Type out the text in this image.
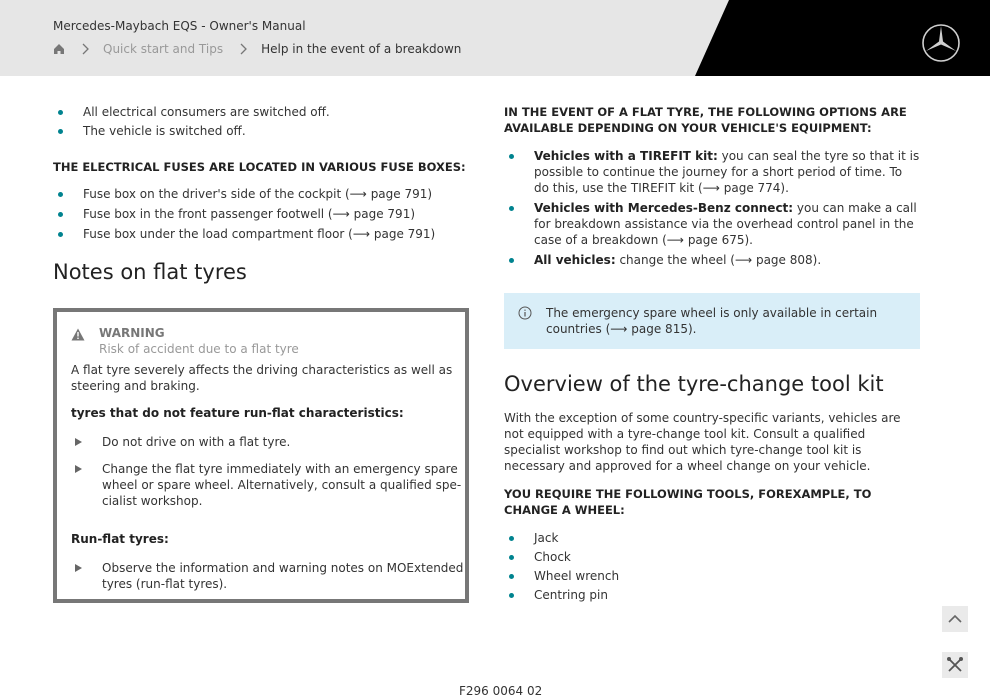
Mercedes-Maybach EQS - Owner's Manual
Quick start and Tips	Help in the event of a breakdown
All electrical consumers are switched off.
The vehicle is switched off.
THE ELECTRICAL FUSES ARE LOCATED IN VARIOUS FUSE BOXES:
Fuse box on the driver's side of the cockpit (⟶ page 791)
Fuse box in the front passenger footwell (⟶ page 791)
Fuse box under the load compartment floor (⟶ page 791)
Notes on flat tyres
WARNING
Risk of accident due to a flat tyre
A flat tyre severely affects the driving characteristics as well as steering and braking.
tyres that do not feature run-flat characteristics:
Do not drive on with a flat tyre.
Change the flat tyre immediately with an emergency spare wheel or spare wheel. Alternatively, consult a qualified specialist workshop.
Run-flat tyres:
Observe the information and warning notes on MOExtended tyres (run-flat tyres).
IN THE EVENT OF A FLAT TYRE, THE FOLLOWING OPTIONS ARE AVAILABLE DEPENDING ON YOUR VEHICLE'S EQUIPMENT:
Vehicles with a TIREFIT kit: you can seal the tyre so that it is possible to continue the journey for a short period of time. To do this, use the TIREFIT kit (⟶ page 774).
Vehicles with Mercedes-Benz connect: you can make a call for breakdown assistance via the overhead control panel in the case of a breakdown (⟶ page 675).
All vehicles: change the wheel (⟶ page 808).
The emergency spare wheel is only available in certain countries (⟶ page 815).
Overview of the tyre-change tool kit
With the exception of some country-specific variants, vehicles are not equipped with a tyre-change tool kit. Consult a qualified specialist workshop to find out which tyre-change tool kit is necessary and approved for a wheel change on your vehicle.
YOU REQUIRE THE FOLLOWING TOOLS, FOREXAMPLE, TO CHANGE A WHEEL:
Jack
Chock
Wheel wrench
Centring pin
F296 0064 02
